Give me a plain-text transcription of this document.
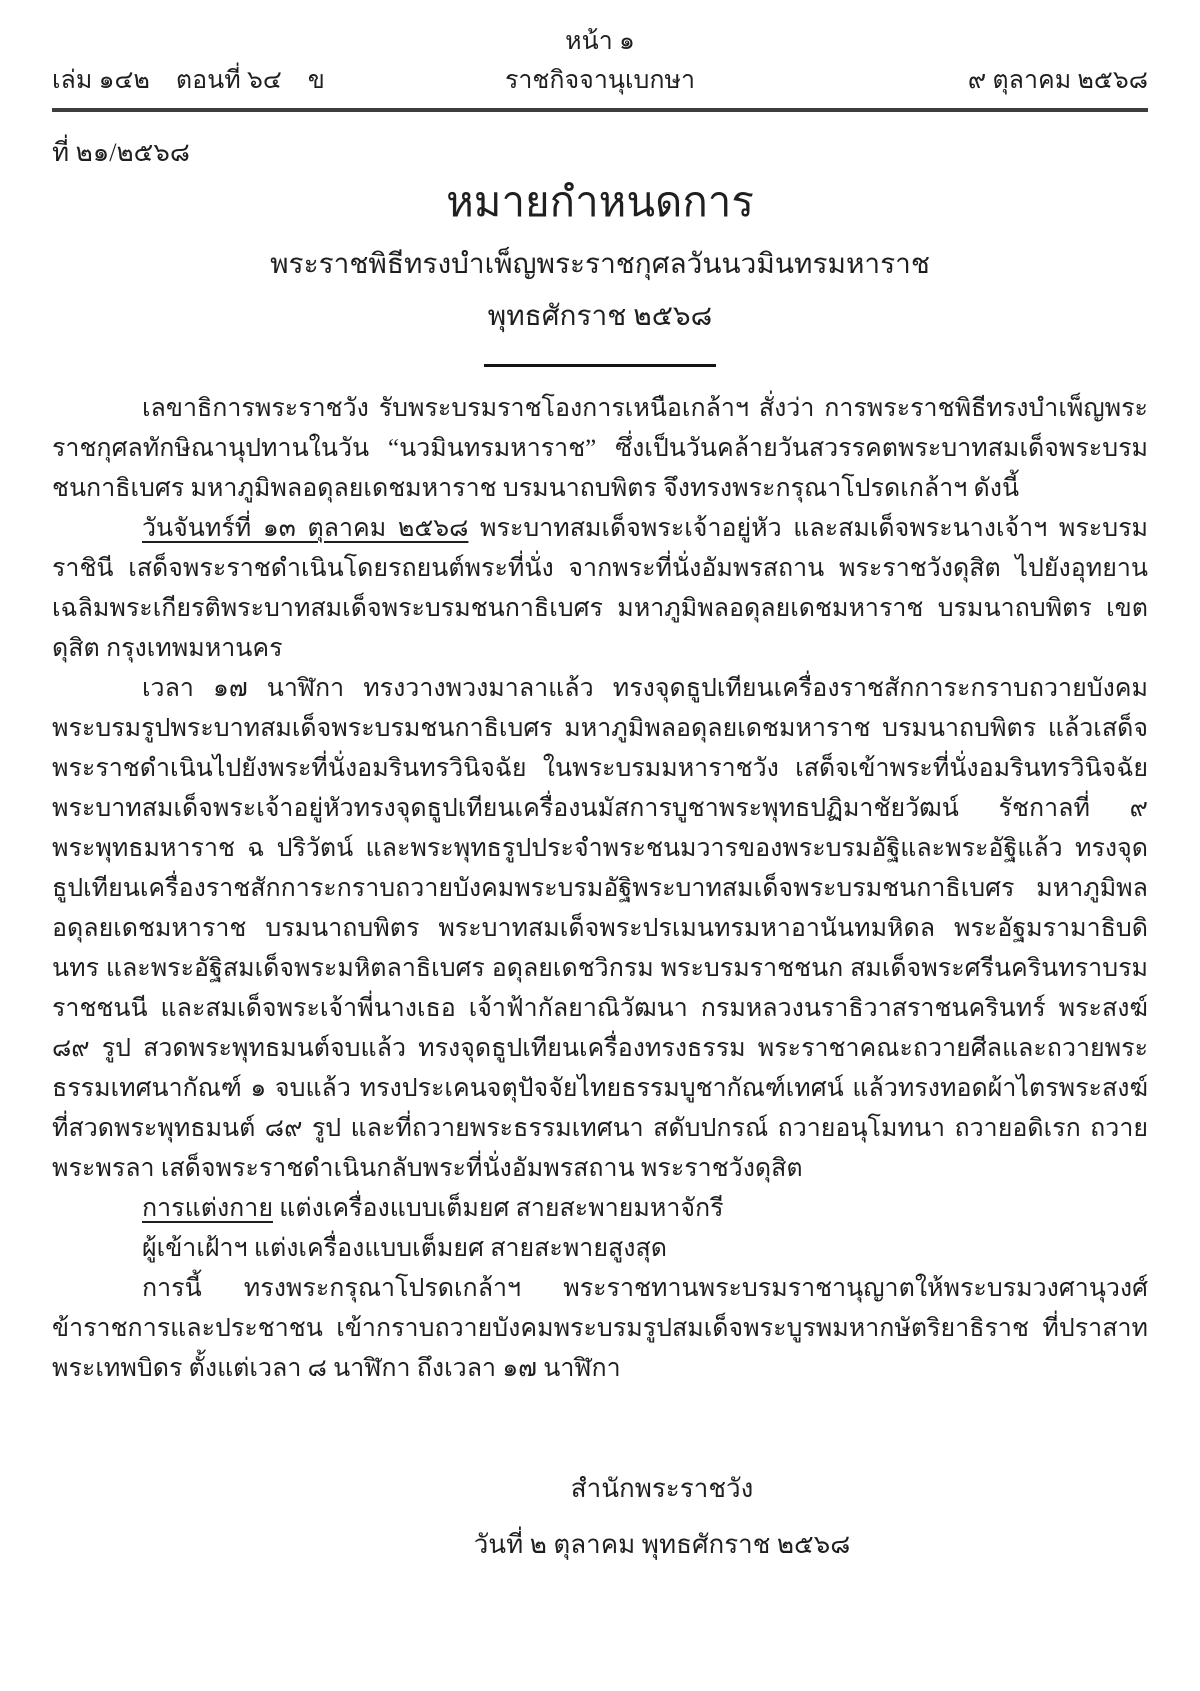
หน้า ๑
เล่ม ๑๔๒ ตอนที่ ๖๔ ข	ราชกิจจานุเบกษา	๙ ตุลาคม ๒๕๖๘
ที่ ๒๑/๒๕๖๘
หมายกำหนดการ
พระราชพิธีทรงบำเพ็ญพระราชกุศลวันนวมินทรมหาราช
พุทธศักราช ๒๕๖๘

เลขาธิการพระราชวัง รับพระบรมราชโองการเหนือเกล้าฯ สั่งว่า การพระราชพิธีทรงบำเพ็ญพระราชกุศลทักษิณานุปทานในวัน “นวมินทรมหาราช” ซึ่งเป็นวันคล้ายวันสวรรคตพระบาทสมเด็จพระบรมชนกาธิเบศร มหาภูมิพลอดุลยเดชมหาราช บรมนาถบพิตร จึงทรงพระกรุณาโปรดเกล้าฯ ดังนี้

วันจันทร์ที่ ๑๓ ตุลาคม ๒๕๖๘ พระบาทสมเด็จพระเจ้าอยู่หัว และสมเด็จพระนางเจ้าฯ พระบรมราชินี เสด็จพระราชดำเนินโดยรถยนต์พระที่นั่ง จากพระที่นั่งอัมพรสถาน พระราชวังดุสิต ไปยังอุทยานเฉลิมพระเกียรติพระบาทสมเด็จพระบรมชนกาธิเบศร มหาภูมิพลอดุลยเดชมหาราช บรมนาถบพิตร เขตดุสิต กรุงเทพมหานคร

เวลา ๑๗ นาฬิกา ทรงวางพวงมาลาแล้ว ทรงจุดธูปเทียนเครื่องราชสักการะกราบถวายบังคมพระบรมรูปพระบาทสมเด็จพระบรมชนกาธิเบศร มหาภูมิพลอดุลยเดชมหาราช บรมนาถบพิตร แล้วเสด็จพระราชดำเนินไปยังพระที่นั่งอมรินทรวินิจฉัย ในพระบรมมหาราชวัง เสด็จเข้าพระที่นั่งอมรินทรวินิจฉัย พระบาทสมเด็จพระเจ้าอยู่หัวทรงจุดธูปเทียนเครื่องนมัสการบูชาพระพุทธปฏิมาชัยวัฒน์ รัชกาลที่ ๙ พระพุทธมหาราช ฉ ปริวัตน์ และพระพุทธรูปประจำพระชนมวารของพระบรมอัฐิและพระอัฐิแล้ว ทรงจุดธูปเทียนเครื่องราชสักการะกราบถวายบังคมพระบรมอัฐิพระบาทสมเด็จพระบรมชนกาธิเบศร มหาภูมิพลอดุลยเดชมหาราช บรมนาถบพิตร พระบาทสมเด็จพระปรเมนทรมหาอานันทมหิดล พระอัฐมรามาธิบดินทร และพระอัฐิสมเด็จพระมหิตลาธิเบศร อดุลยเดชวิกรม พระบรมราชชนก สมเด็จพระศรีนครินทราบรมราชชนนี และสมเด็จพระเจ้าพี่นางเธอ เจ้าฟ้ากัลยาณิวัฒนา กรมหลวงนราธิวาสราชนครินทร์ พระสงฆ์ ๘๙ รูป สวดพระพุทธมนต์จบแล้ว ทรงจุดธูปเทียนเครื่องทรงธรรม พระราชาคณะถวายศีลและถวายพระธรรมเทศนากัณฑ์ ๑ จบแล้ว ทรงประเคนจตุปัจจัยไทยธรรมบูชากัณฑ์เทศน์ แล้วทรงทอดผ้าไตรพระสงฆ์ที่สวดพระพุทธมนต์ ๘๙ รูป และที่ถวายพระธรรมเทศนา สดับปกรณ์ ถวายอนุโมทนา ถวายอดิเรก ถวายพระพรลา เสด็จพระราชดำเนินกลับพระที่นั่งอัมพรสถาน พระราชวังดุสิต

การแต่งกาย แต่งเครื่องแบบเต็มยศ สายสะพายมหาจักรี

ผู้เข้าเฝ้าฯ แต่งเครื่องแบบเต็มยศ สายสะพายสูงสุด

การนี้ ทรงพระกรุณาโปรดเกล้าฯ พระราชทานพระบรมราชานุญาตให้พระบรมวงศานุวงศ์ ข้าราชการและประชาชน เข้ากราบถวายบังคมพระบรมรูปสมเด็จพระบูรพมหากษัตริยาธิราช ที่ปราสาทพระเทพบิดร ตั้งแต่เวลา ๘ นาฬิกา ถึงเวลา ๑๗ นาฬิกา

สำนักพระราชวัง
วันที่ ๒ ตุลาคม พุทธศักราช ๒๕๖๘
